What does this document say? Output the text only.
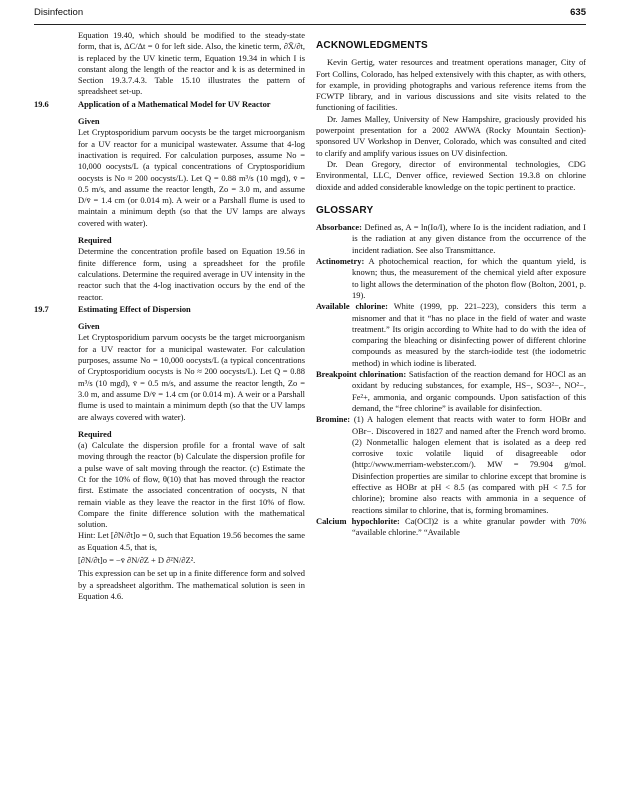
Disinfection	635

Equation 19.40, which should be modified to the steady-state form, that is, ΔC/Δt = 0 for left side. Also, the kinetic term, ∂X̄/∂t, is replaced by the UV kinetic term, Equation 19.34 in which I is constant along the length of the reactor and k is as determined in Section 19.3.7.4.3. Table 15.10 illustrates the pattern of spreadsheet set-up.

19.6	Application of a Mathematical Model for UV Reactor

Given

Let Cryptosporidium parvum oocysts be the target microorganism for a UV reactor for a municipal wastewater. Assume that 4-log inactivation is required. For calculation purposes, assume No = 10,000 oocysts/L (a typical concentrations of Cryptosporidium oocysts is No ≈ 200 oocysts/L). Let Q = 0.88 m³/s (10 mgd), v̄ = 0.5 m/s, and assume the reactor length, Zo = 3.0 m, and assume D/v̄ = 1.4 cm (or 0.014 m). A weir or a Parshall flume is used to maintain a minimum depth (so that the UV lamps are always covered with water).

Required

Determine the concentration profile based on Equation 19.56 in finite difference form, using a spreadsheet for the profile calculations. Determine the required average in UV intensity in the reactor such that the 4-log inactivation occurs by the end of the reactor.

19.7	Estimating Effect of Dispersion

Given

Let Cryptosporidium parvum oocysts be the target microorganism for a UV reactor for a municipal wastewater. For calculation purposes, assume No = 10,000 oocysts/L (a typical concentrations of Cryptosporidium oocysts is No ≈ 200 oocysts/L). Let Q = 0.88 m³/s (10 mgd), v̄ = 0.5 m/s, and assume the reactor length, Zo = 3.0 m, and assume D/v̄ = 1.4 cm (or 0.014 m). A weir or a Parshall flume is used to maintain a minimum depth (so that the UV lamps are always covered with water).

Required

(a) Calculate the dispersion profile for a frontal wave of salt moving through the reactor (b) Calculate the dispersion profile for a pulse wave of salt moving through the reactor. (c) Estimate the Ct for the 10% of flow, θ(10) that has moved through the reactor first. Estimate the associated concentration of oocysts, N that remain viable as they leave the reactor in the first 10% of flow. Compare the finite difference solution with the mathematical solution.

Hint: Let [∂N/∂t]o = 0, such that Equation 19.56 becomes the same as Equation 4.5, that is,

[∂N/∂t]o = −v̄ ∂N/∂Z + D ∂²N/∂Z².

This expression can be set up in a finite difference form and solved by a spreadsheet algorithm. The mathematical solution is seen in Equation 4.6.

ACKNOWLEDGMENTS

Kevin Gertig, water resources and treatment operations manager, City of Fort Collins, Colorado, has helped extensively with this chapter, as with others, for example, in providing photographs and various reference items from the FCWTP library, and in various discussions and site visits related to the functioning of facilities.

Dr. James Malley, University of New Hampshire, graciously provided his powerpoint presentation for a 2002 AWWA (Rocky Mountain Section)-sponsored UV Workshop in Denver, Colorado, which was consulted and cited to clarify and amplify various issues on UV disinfection.

Dr. Dean Gregory, director of environmental technologies, CDG Environmental, LLC, Denver office, reviewed Section 19.3.8 on chlorine dioxide and added considerable knowledge on the topic pertinent to practice.

GLOSSARY

Absorbance: Defined as, A = ln(Io/I), where Io is the incident radiation, and I is the radiation at any given distance from the occurrence of the incident radiation. See also Transmittance.

Actinometry: A photochemical reaction, for which the quantum yield, is known; thus, the measurement of the chemical yield after exposure to light allows the determination of the photon flow (Bolton, 2001, p. 19).

Available chlorine: White (1999, pp. 221–223), considers this term a misnomer and that it “has no place in the field of water and waste treatment.” Its origin according to White had to do with the idea of comparing the bleaching or disinfecting power of different chlorine compounds as measured by the starch-iodide test (the iodometric method) in which iodine is liberated.

Breakpoint chlorination: Satisfaction of the reaction demand for HOCl as an oxidant by reducing substances, for example, HS−, SO3²−, NO²−, Fe²+, ammonia, and organic compounds. Upon satisfaction of this demand, the “free chlorine” is available for disinfection.

Bromine: (1) A halogen element that reacts with water to form HOBr and OBr−. Discovered in 1827 and named after the French word bromo. (2) Nonmetallic halogen element that is isolated as a deep red corrosive toxic volatile liquid of disagreeable odor (http://www.merriam-webster.com/). MW = 79.904 g/mol. Disinfection properties are similar to chlorine except that bromine is effective as HOBr at pH < 8.5 (as compared with pH < 7.5 for chlorine); bromine also reacts with ammonia in a sequence of reactions similar to chlorine, that is, forming bromamines.

Calcium hypochlorite: Ca(OCl)2 is a white granular powder with 70% “available chlorine.” “Available
